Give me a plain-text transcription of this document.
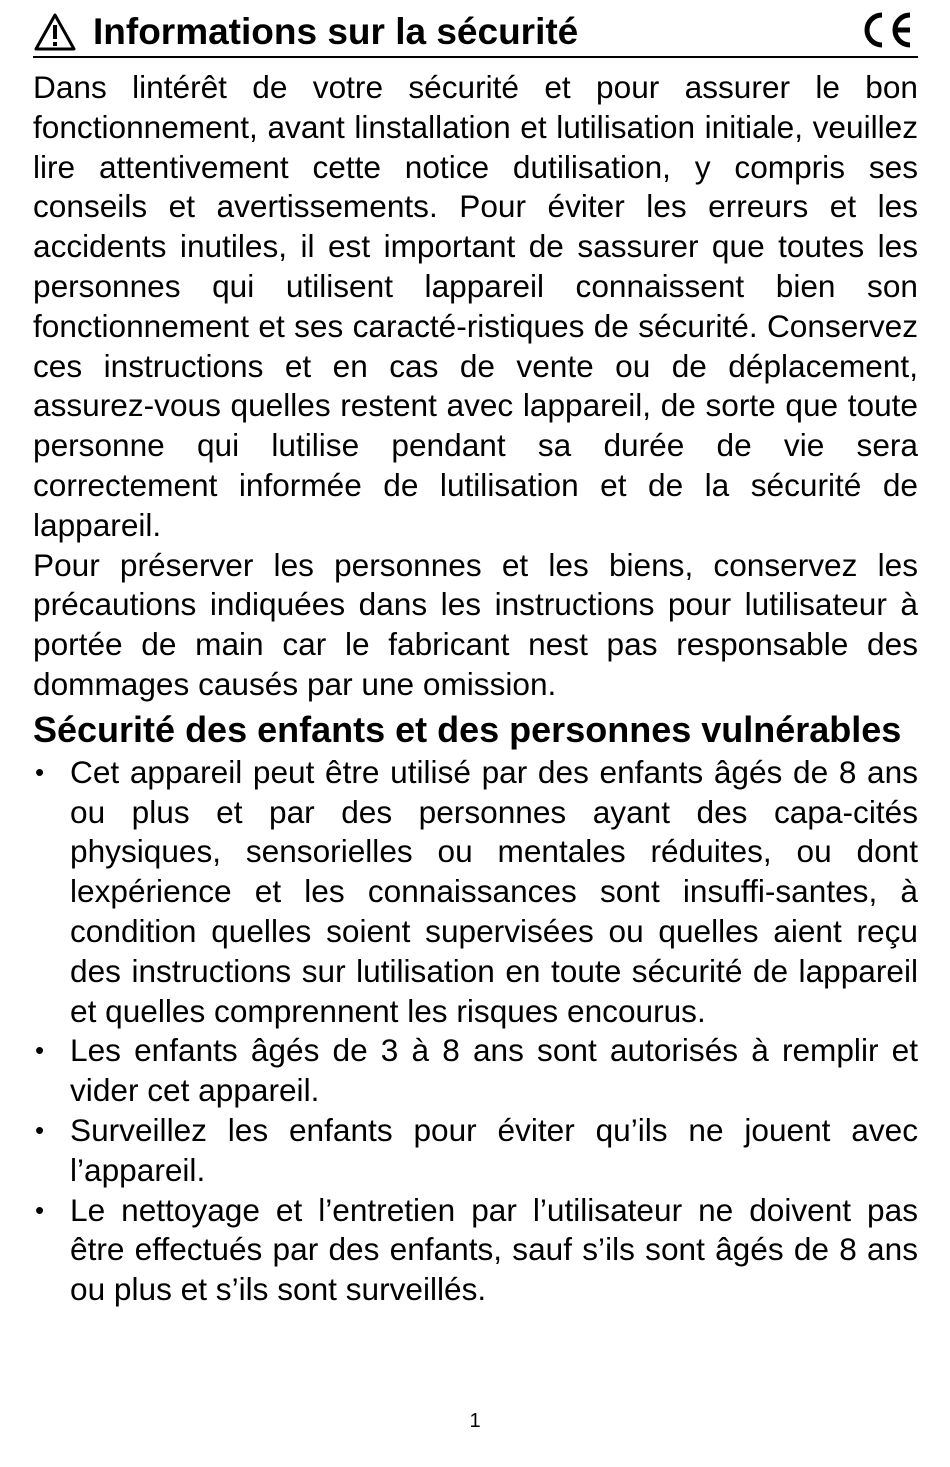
Informations sur la sécurité

Dans lintérêt de votre sécurité et pour assurer le bon fonctionnement, avant linstallation et lutilisation initiale, veuillez lire attentivement cette notice dutilisation, y compris ses conseils et avertissements. Pour éviter les erreurs et les accidents inutiles, il est important de sassurer que toutes les personnes qui utilisent lappareil connaissent bien son fonctionnement et ses caracté-ristiques de sécurité. Conservez ces instructions et en cas de vente ou de déplacement, assurez-vous quelles restent avec lappareil, de sorte que toute personne qui lutilise pendant sa durée de vie sera correctement informée de lutilisation et de la sécurité de lappareil.

Pour préserver les personnes et les biens, conservez les précautions indiquées dans les instructions pour lutilisateur à portée de main car le fabricant nest pas responsable des dommages causés par une omission.

Sécurité des enfants et des personnes vulnérables
• Cet appareil peut être utilisé par des enfants âgés de 8 ans ou plus et par des personnes ayant des capa-cités physiques, sensorielles ou mentales réduites, ou dont lexpérience et les connaissances sont insuffi-santes, à condition quelles soient supervisées ou quelles aient reçu des instructions sur lutilisation en toute sécurité de lappareil et quelles comprennent les risques encourus.
• Les enfants âgés de 3 à 8 ans sont autorisés à remplir et vider cet appareil.
• Surveillez les enfants pour éviter qu’ils ne jouent avec l’appareil.
• Le nettoyage et l’entretien par l’utilisateur ne doivent pas être effectués par des enfants, sauf s’ils sont âgés de 8 ans ou plus et s’ils sont surveillés.
1
